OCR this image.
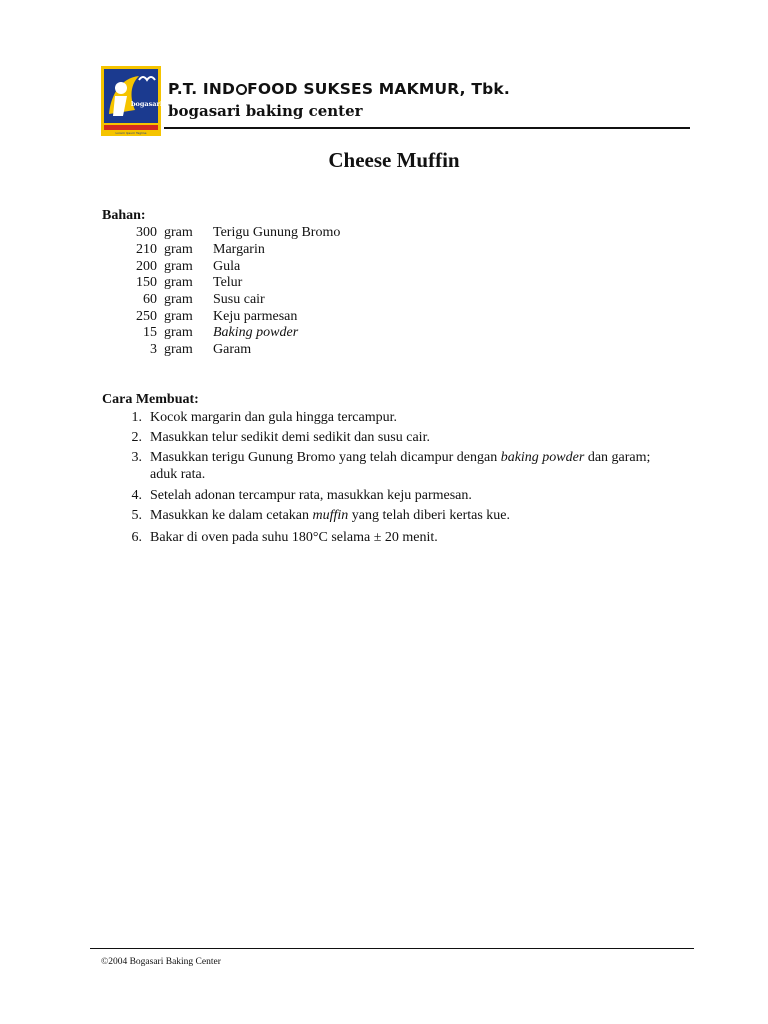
bogasari
Lorem Ipsum Tagline
P.T. IND FOOD SUKSES MAKMUR, Tbk.
bogasari baking center
Cheese Muffin
Bahan:
300 gram Terigu Gunung Bromo
210 gram Margarin
200 gram Gula
150 gram Telur
60 gram Susu cair
250 gram Keju parmesan
15 gram Baking powder
3 gram Garam
Cara Membuat:
1. Kocok margarin dan gula hingga tercampur.
2. Masukkan telur sedikit demi sedikit dan susu cair.
3. Masukkan terigu Gunung Bromo yang telah dicampur dengan baking powder dan garam; aduk rata.
4. Setelah adonan tercampur rata, masukkan keju parmesan.
5. Masukkan ke dalam cetakan muffin yang telah diberi kertas kue.
6. Bakar di oven pada suhu 180°C selama ± 20 menit.
©2004 Bogasari Baking Center
